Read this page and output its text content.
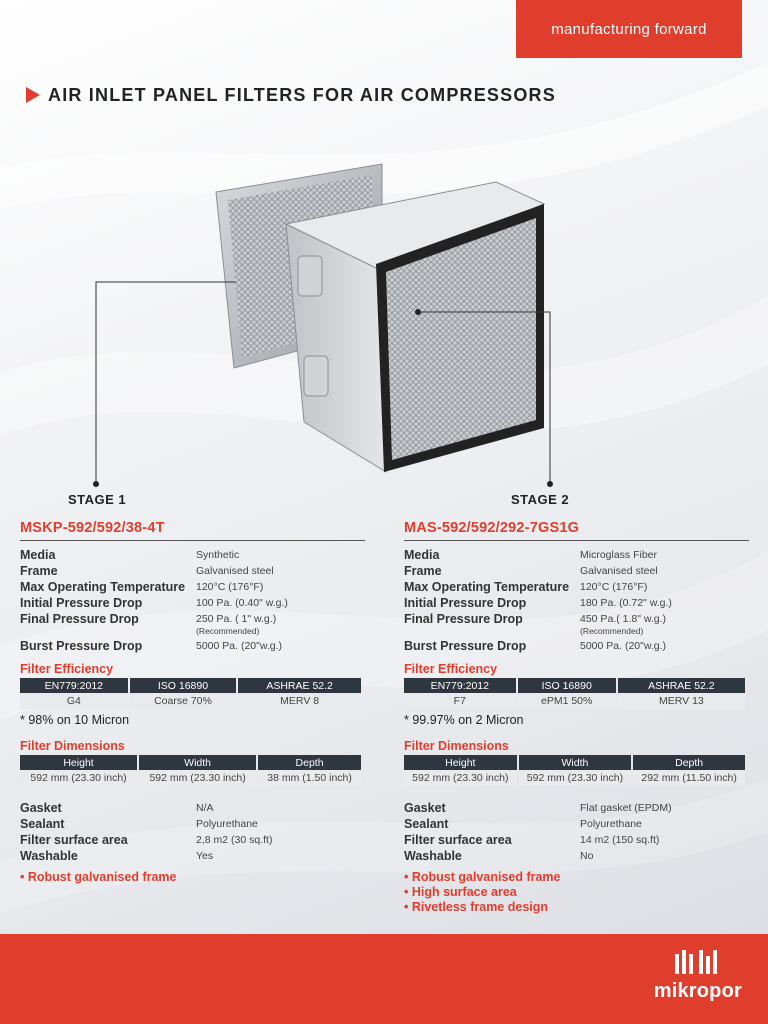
manufacturing forward
AIR INLET PANEL FILTERS FOR AIR COMPRESSORS
STAGE 1	STAGE 2
MSKP-592/592/38-4T
Media	Synthetic
Frame	Galvanised steel
Max Operating Temperature	120°C (176°F)
Initial Pressure Drop	100 Pa. (0.40" w.g.)
Final Pressure Drop	250 Pa. ( 1" w.g.)
(Recommended)
Burst Pressure Drop	5000 Pa. (20"w.g.)
Filter Efficiency
EN779:2012	ISO 16890	ASHRAE 52.2
G4	Coarse 70%	MERV 8
* 98% on 10 Micron
Filter Dimensions
Height	Width	Depth
592 mm (23.30 inch)	592 mm (23.30 inch)	38 mm (1.50 inch)
Gasket	N/A
Sealant	Polyurethane
Filter surface area	2,8 m2 (30 sq.ft)
Washable	Yes
• Robust galvanised frame
MAS-592/592/292-7GS1G
Media	Microglass Fiber
Frame	Galvanised steel
Max Operating Temperature	120°C (176°F)
Initial Pressure Drop	180 Pa. (0.72" w.g.)
Final Pressure Drop	450 Pa.( 1.8" w.g.)
(Recommended)
Burst Pressure Drop	5000 Pa. (20"w.g.)
Filter Efficiency
EN779:2012	ISO 16890	ASHRAE 52.2
F7	ePM1 50%	MERV 13
* 99.97% on 2 Micron
Filter Dimensions
Height	Width	Depth
592 mm (23.30 inch)	592 mm (23.30 inch)	292 mm (11.50 inch)
Gasket	Flat gasket (EPDM)
Sealant	Polyurethane
Filter surface area	14 m2 (150 sq.ft)
Washable	No
• Robust galvanised frame
• High surface area
• Rivetless frame design
mikropor
